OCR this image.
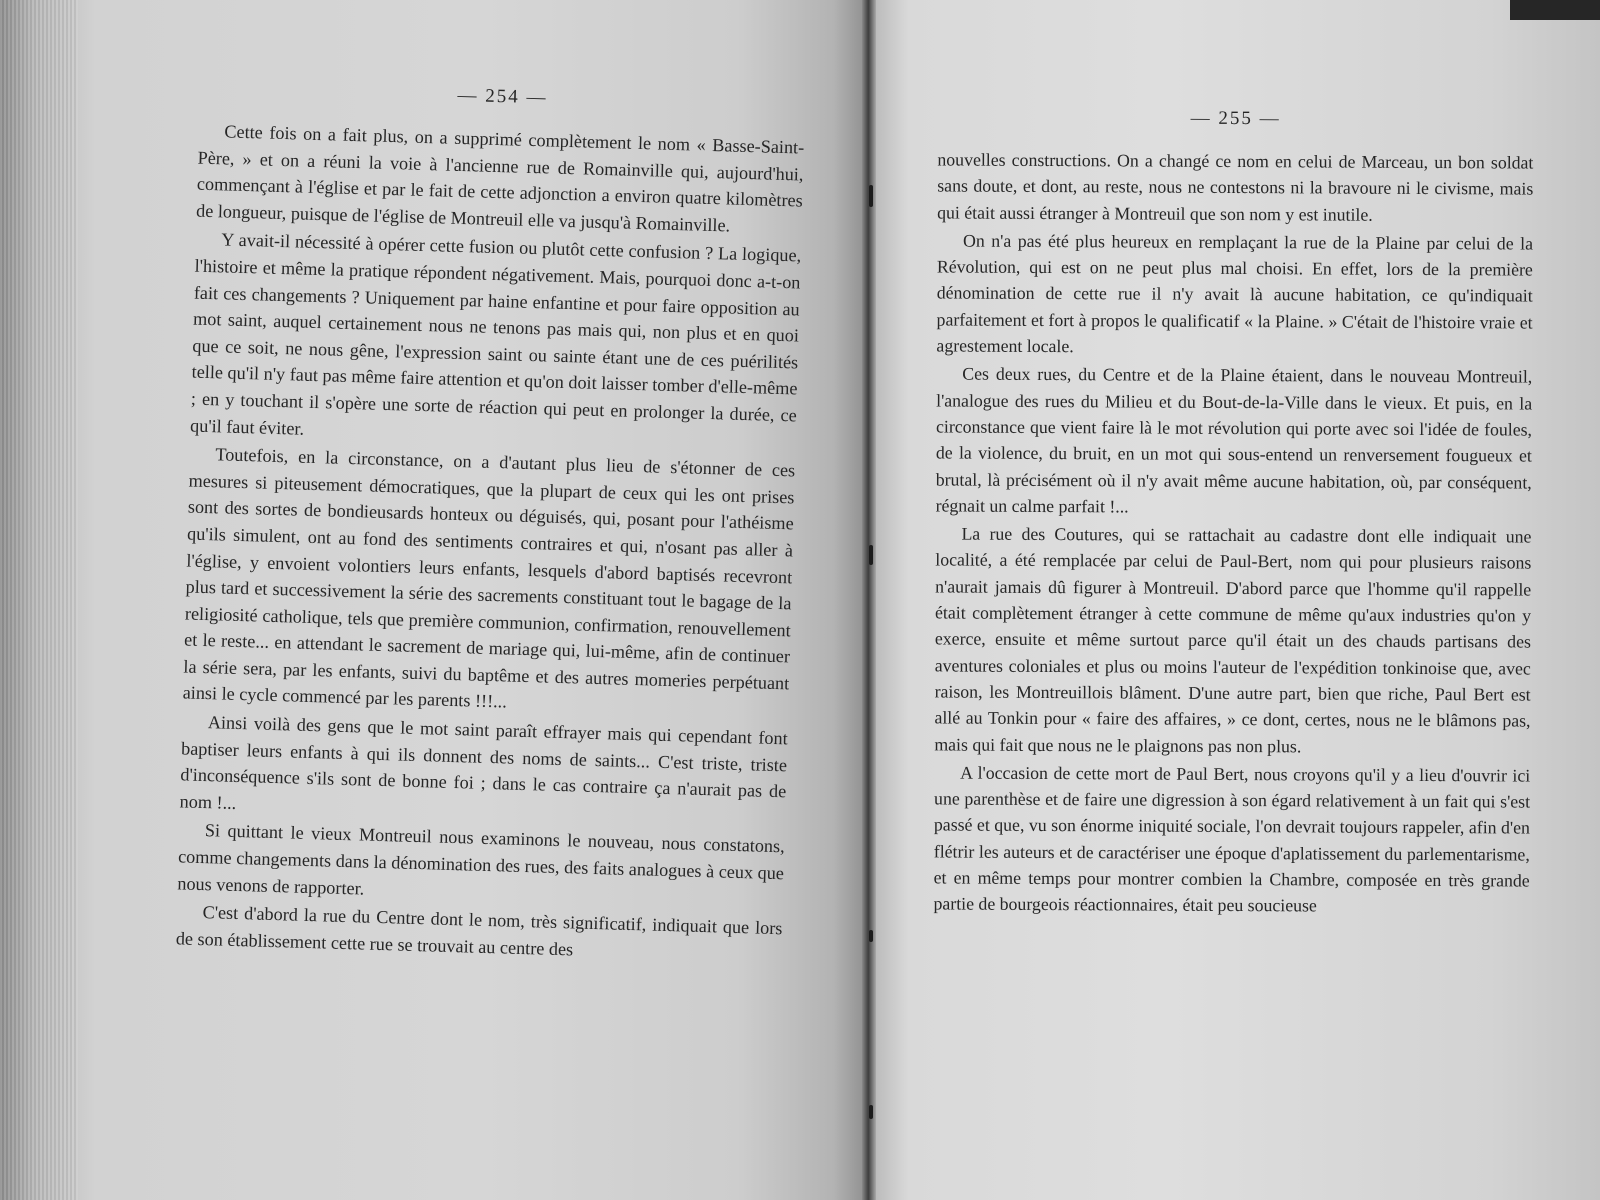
— 254 —

Cette fois on a fait plus, on a supprimé complètement le nom « Basse-Saint-Père, » et on a réuni la voie à l'ancienne rue de Romainville qui, aujourd'hui, commençant à l'église et par le fait de cette adjonction a environ quatre kilomètres de longueur, puisque de l'église de Montreuil elle va jusqu'à Romainville.

Y avait-il nécessité à opérer cette fusion ou plutôt cette confusion ? La logique, l'histoire et même la pratique répondent négativement. Mais, pourquoi donc a-t-on fait ces changements ? Uniquement par haine enfantine et pour faire opposition au mot saint, auquel certainement nous ne tenons pas mais qui, non plus et en quoi que ce soit, ne nous gêne, l'expression saint ou sainte étant une de ces puérilités telle qu'il n'y faut pas même faire attention et qu'on doit laisser tomber d'elle-même ; en y touchant il s'opère une sorte de réaction qui peut en prolonger la durée, ce qu'il faut éviter.

Toutefois, en la circonstance, on a d'autant plus lieu de s'étonner de ces mesures si piteusement démocratiques, que la plupart de ceux qui les ont prises sont des sortes de bondieusards honteux ou déguisés, qui, posant pour l'athéisme qu'ils simulent, ont au fond des sentiments contraires et qui, n'osant pas aller à l'église, y envoient volontiers leurs enfants, lesquels d'abord baptisés recevront plus tard et successivement la série des sacrements constituant tout le bagage de la religiosité catholique, tels que première communion, confirmation, renouvellement et le reste... en attendant le sacrement de mariage qui, lui-même, afin de continuer la série sera, par les enfants, suivi du baptême et des autres momeries perpétuant ainsi le cycle commencé par les parents !!!...

Ainsi voilà des gens que le mot saint paraît effrayer mais qui cependant font baptiser leurs enfants à qui ils donnent des noms de saints... C'est triste, triste d'inconséquence s'ils sont de bonne foi ; dans le cas contraire ça n'aurait pas de nom !...

Si quittant le vieux Montreuil nous examinons le nouveau, nous constatons, comme changements dans la dénomination des rues, des faits analogues à ceux que nous venons de rapporter.

C'est d'abord la rue du Centre dont le nom, très significatif, indiquait que lors de son établissement cette rue se trouvait au centre des

— 255 —

nouvelles constructions. On a changé ce nom en celui de Marceau, un bon soldat sans doute, et dont, au reste, nous ne contestons ni la bravoure ni le civisme, mais qui était aussi étranger à Montreuil que son nom y est inutile.

On n'a pas été plus heureux en remplaçant la rue de la Plaine par celui de la Révolution, qui est on ne peut plus mal choisi. En effet, lors de la première dénomination de cette rue il n'y avait là aucune habitation, ce qu'indiquait parfaitement et fort à propos le qualificatif « la Plaine. » C'était de l'histoire vraie et agrestement locale.

Ces deux rues, du Centre et de la Plaine étaient, dans le nouveau Montreuil, l'analogue des rues du Milieu et du Bout-de-la-Ville dans le vieux. Et puis, en la circonstance que vient faire là le mot révolution qui porte avec soi l'idée de foules, de la violence, du bruit, en un mot qui sous-entend un renversement fougueux et brutal, là précisément où il n'y avait même aucune habitation, où, par conséquent, régnait un calme parfait !...

La rue des Coutures, qui se rattachait au cadastre dont elle indiquait une localité, a été remplacée par celui de Paul-Bert, nom qui pour plusieurs raisons n'aurait jamais dû figurer à Montreuil. D'abord parce que l'homme qu'il rappelle était complètement étranger à cette commune de même qu'aux industries qu'on y exerce, ensuite et même surtout parce qu'il était un des chauds partisans des aventures coloniales et plus ou moins l'auteur de l'expédition tonkinoise que, avec raison, les Montreuillois blâment. D'une autre part, bien que riche, Paul Bert est allé au Tonkin pour « faire des affaires, » ce dont, certes, nous ne le blâmons pas, mais qui fait que nous ne le plaignons pas non plus.

A l'occasion de cette mort de Paul Bert, nous croyons qu'il y a lieu d'ouvrir ici une parenthèse et de faire une digression à son égard relativement à un fait qui s'est passé et que, vu son énorme iniquité sociale, l'on devrait toujours rappeler, afin d'en flétrir les auteurs et de caractériser une époque d'aplatissement du parlementarisme, et en même temps pour montrer combien la Chambre, composée en très grande partie de bourgeois réactionnaires, était peu soucieuse
